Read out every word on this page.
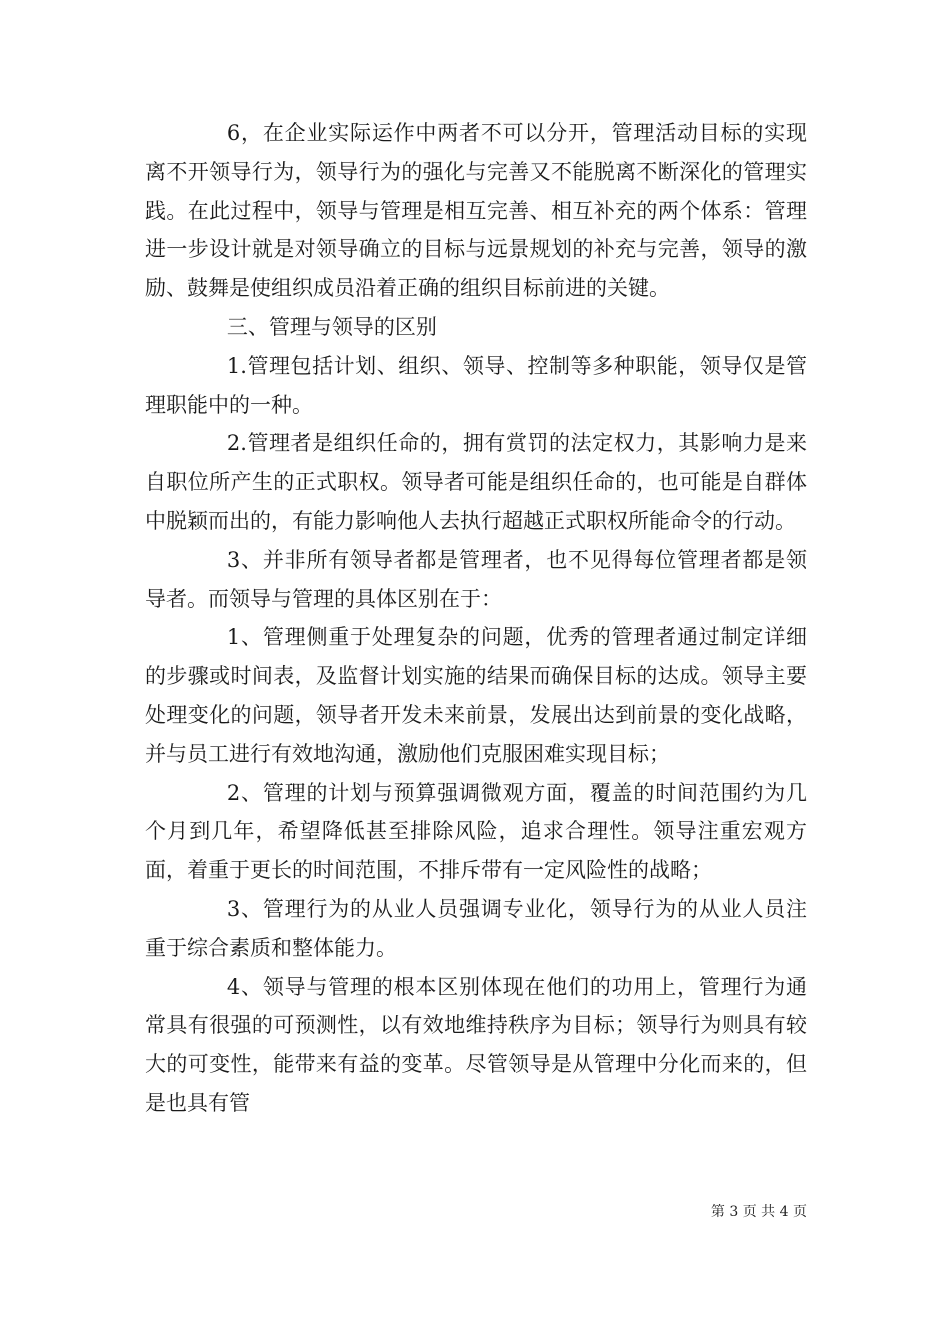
6，在企业实际运作中两者不可以分开，管理活动目标的实现离不开领导行为，领导行为的强化与完善又不能脱离不断深化的管理实践。在此过程中，领导与管理是相互完善、相互补充的两个体系：管理进一步设计就是对领导确立的目标与远景规划的补充与完善，领导的激励、鼓舞是使组织成员沿着正确的组织目标前进的关键。

三、管理与领导的区别

1.管理包括计划、组织、领导、控制等多种职能，领导仅是管理职能中的一种。

2.管理者是组织任命的，拥有赏罚的法定权力，其影响力是来自职位所产生的正式职权。领导者可能是组织任命的，也可能是自群体中脱颖而出的，有能力影响他人去执行超越正式职权所能命令的行动。

3、并非所有领导者都是管理者，也不见得每位管理者都是领导者。而领导与管理的具体区别在于：

1、管理侧重于处理复杂的问题，优秀的管理者通过制定详细的步骤或时间表，及监督计划实施的结果而确保目标的达成。领导主要处理变化的问题，领导者开发未来前景，发展出达到前景的变化战略，并与员工进行有效地沟通，激励他们克服困难实现目标；

2、管理的计划与预算强调微观方面，覆盖的时间范围约为几个月到几年，希望降低甚至排除风险，追求合理性。领导注重宏观方面，着重于更长的时间范围，不排斥带有一定风险性的战略；

3、管理行为的从业人员强调专业化，领导行为的从业人员注重于综合素质和整体能力。

4、领导与管理的根本区别体现在他们的功用上，管理行为通常具有很强的可预测性，以有效地维持秩序为目标；领导行为则具有较大的可变性，能带来有益的变革。尽管领导是从管理中分化而来的，但是也具有管

第 3 页 共 4 页
